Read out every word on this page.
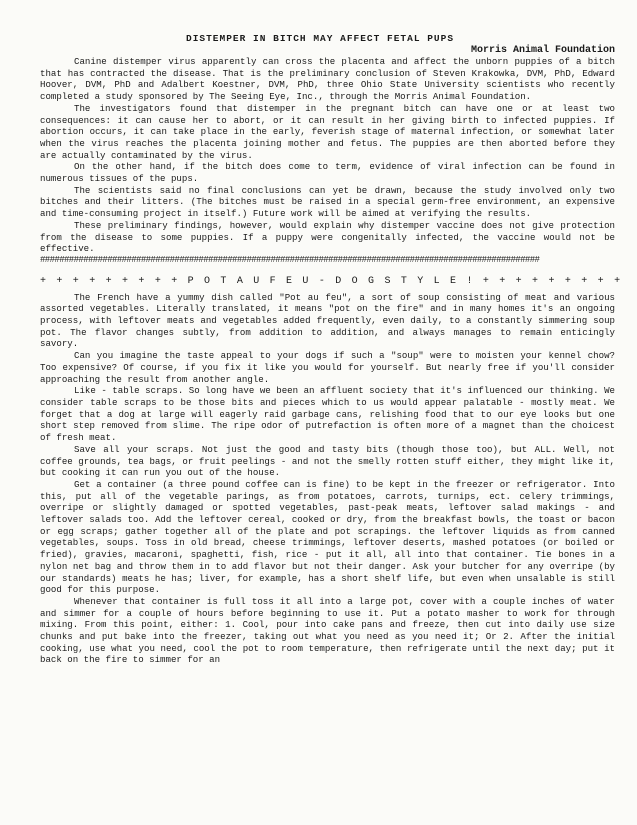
DISTEMPER IN BITCH MAY AFFECT FETAL PUPS
Morris Animal Foundation

Canine distemper virus apparently can cross the placenta and affect the unborn puppies of a bitch that has contracted the disease. That is the preliminary conclusion of Steven Krakowka, DVM, PhD, Edward Hoover, DVM, PhD and Adalbert Koestner, DVM, PhD, three Ohio State University scientists who recently completed a study sponsored by The Seeing Eye, Inc., through the Morris Animal Foundation.

The investigators found that distemper in the pregnant bitch can have one or at least two consequences: it can cause her to abort, or it can result in her giving birth to infected puppies. If abortion occurs, it can take place in the early, feverish stage of maternal infection, or somewhat later when the virus reaches the placenta joining mother and fetus. The puppies are then aborted before they are actually contaminated by the virus.

On the other hand, if the bitch does come to term, evidence of viral infection can be found in numerous tissues of the pups.

The scientists said no final conclusions can yet be drawn, because the study involved only two bitches and their litters. (The bitches must be raised in a special germ-free environment, an expensive and time-consuming project in itself.) Future work will be aimed at verifying the results.

These preliminary findings, however, would explain why distemper vaccine does not give protection from the disease to some puppies. If a puppy were congenitally infected, the vaccine would not be effective.

########################################################################################################
+ + + + + + + + + P O T A U F E U - D O G S T Y L E ! + + + + + + + + +

The French have a yummy dish called "Pot au feu", a sort of soup consisting of meat and various assorted vegetables. Literally translated, it means "pot on the fire" and in many homes it's an ongoing process, with leftover meats and vegetables added frequently, even daily, to a constantly simmering soup pot. The flavor changes subtly, from addition to addition, and always manages to remain enticingly savory.

Can you imagine the taste appeal to your dogs if such a "soup" were to moisten your kennel chow? Too expensive? Of course, if you fix it like you would for yourself. But nearly free if you'll consider approaching the result from another angle.

Like - table scraps. So long have we been an affluent society that it's influenced our thinking. We consider table scraps to be those bits and pieces which to us would appear palatable - mostly meat. We forget that a dog at large will eagerly raid garbage cans, relishing food that to our eye looks but one short step removed from slime. The ripe odor of putrefaction is often more of a magnet than the choicest of fresh meat.

Save all your scraps. Not just the good and tasty bits (though those too), but ALL. Well, not coffee grounds, tea bags, or fruit peelings - and not the smelly rotten stuff either, they might like it, but cooking it can run you out of the house.

Get a container (a three pound coffee can is fine) to be kept in the freezer or refrigerator. Into this, put all of the vegetable parings, as from potatoes, carrots, turnips, ect. celery trimmings, overripe or slightly damaged or spotted vegetables, past-peak meats, leftover salad makings - and leftover salads too. Add the leftover cereal, cooked or dry, from the breakfast bowls, the toast or bacon or egg scraps; gather together all of the plate and pot scrapings. the leftover liquids as from canned vegetables, soups. Toss in old bread, cheese trimmings, leftover deserts, mashed potatoes (or boiled or fried), gravies, macaroni, spaghetti, fish, rice - put it all, all into that container. Tie bones in a nylon net bag and throw them in to add flavor but not their danger. Ask your butcher for any overripe (by our standards) meats he has; liver, for example, has a short shelf life, but even when unsalable is still good for this purpose.

Whenever that container is full toss it all into a large pot, cover with a couple inches of water and simmer for a couple of hours before beginning to use it. Put a potato masher to work for through mixing. From this point, either: 1. Cool, pour into cake pans and freeze, then cut into daily use size chunks and put bake into the freezer, taking out what you need as you need it; Or 2. After the initial cooking, use what you need, cool the pot to room temperature, then refrigerate until the next day; put it back on the fire to simmer for an
